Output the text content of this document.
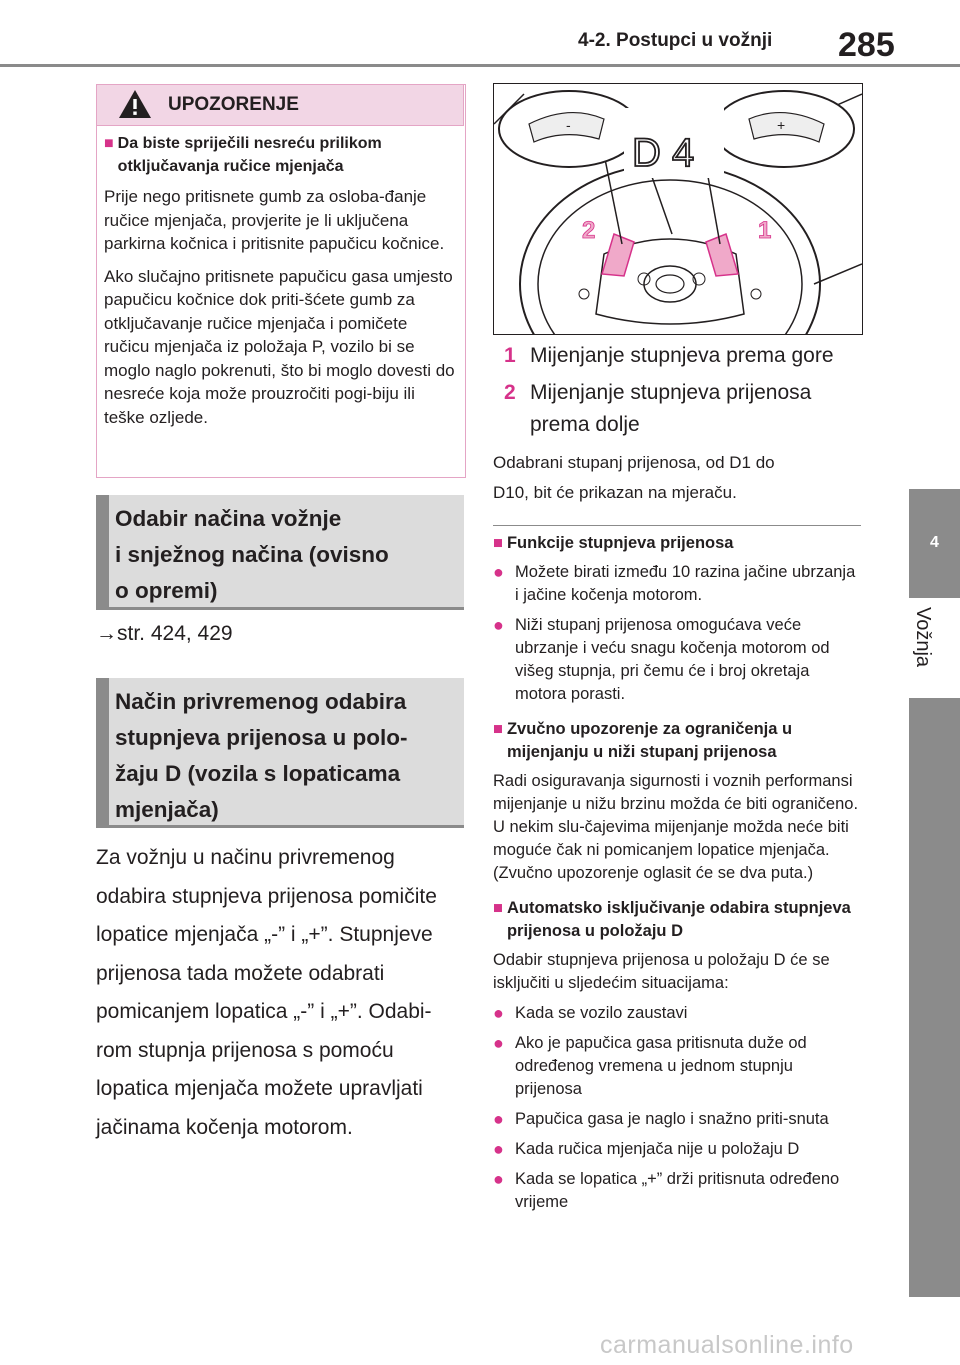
4-2. Postupci u vožnji 285
4
Vožnja
UPOZORENJE

■ Da biste spriječili nesreću prilikom otključavanja ručice mjenjača

Prije nego pritisnete gumb za osloba-đanje ručice mjenjača, provjerite je li uključena parkirna kočnica i pritisnite papučicu kočnice.

Ako slučajno pritisnete papučicu gasa umjesto papučicu kočnice dok priti-šćete gumb za otključavanje ručice mjenjača i pomičete ručicu mjenjača iz položaja P, vozilo bi se moglo naglo pokrenuti, što bi moglo dovesti do nesreće koja može prouzročiti pogi-biju ili teške ozljede.

Odabir načina vožnje
i snježnog načina (ovisno
o opremi)
→str. 424, 429
Način privremenog odabira
stupnjeva prijenosa u polo-
žaju D (vozila s lopaticama
mjenjača)
Za vožnju u načinu privremenog
odabira stupnjeva prijenosa pomičite
lopatice mjenjača „-” i „+”. Stupnjeve
prijenosa tada možete odabrati
pomicanjem lopatica „-” i „+”. Odabi-
rom stupnja prijenosa s pomoću
lopatica mjenjača možete upravljati
jačinama kočenja motorom.
-	+
D 4
2	1
1 Mijenjanje stupnjeva prema gore
2 Mijenjanje stupnjeva prijenosa
prema dolje
Odabrani stupanj prijenosa, od D1 do
D10, bit će prikazan na mjeraču.
■ Funkcije stupnjeva prijenosa
● Možete birati između 10 razina jačine ubrzanja i jačine kočenja motorom.
● Niži stupanj prijenosa omogućava veće ubrzanje i veću snagu kočenja motorom od višeg stupnja, pri čemu će i broj okretaja motora porasti.
■ Zvučno upozorenje za ograničenja u mijenjanju u niži stupanj prijenosa
Radi osiguravanja sigurnosti i voznih performansi mijenjanje u nižu brzinu možda će biti ograničeno. U nekim slu-čajevima mijenjanje možda neće biti moguće čak ni pomicanjem lopatice mjenjača. (Zvučno upozorenje oglasit će se dva puta.)
■ Automatsko isključivanje odabira stupnjeva prijenosa u položaju D
Odabir stupnjeva prijenosa u položaju D će se isključiti u sljedećim situacijama:
● Kada se vozilo zaustavi
● Ako je papučica gasa pritisnuta duže od određenog vremena u jednom stupnju prijenosa
● Papučica gasa je naglo i snažno priti-snuta
● Kada ručica mjenjača nije u položaju D
● Kada se lopatica „+” drži pritisnuta određeno vrijeme
carmanualsonline.info
